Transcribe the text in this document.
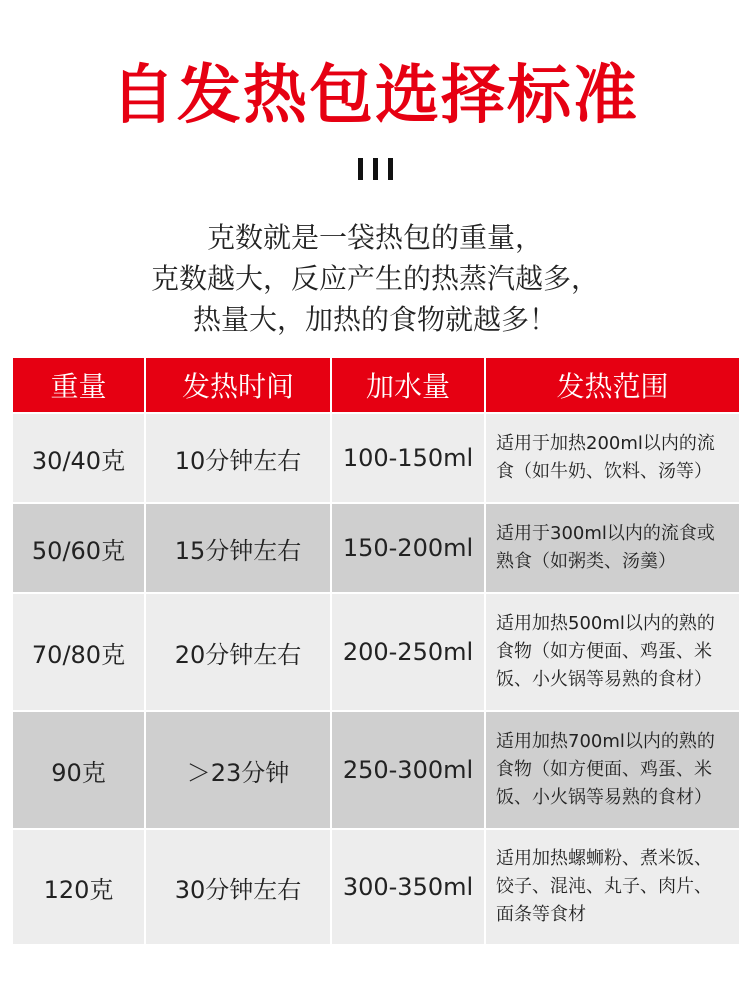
自发热包选择标准
克数就是一袋热包的重量，
克数越大，反应产生的热蒸汽越多，
热量大，加热的食物就越多！
重量	发热时间	加水量	发热范围
30/40克	10分钟左右	100-150ml	适用于加热200ml以内的流食（如牛奶、饮料、汤等）
50/60克	15分钟左右	150-200ml	适用于300ml以内的流食或熟食（如粥类、汤羹）
70/80克	20分钟左右	200-250ml	适用加热500ml以内的熟的食物（如方便面、鸡蛋、米饭、小火锅等易熟的食材）
90克	＞23分钟	250-300ml	适用加热700ml以内的熟的食物（如方便面、鸡蛋、米饭、小火锅等易熟的食材）
120克	30分钟左右	300-350ml	适用加热螺蛳粉、煮米饭、饺子、混沌、丸子、肉片、面条等食材
